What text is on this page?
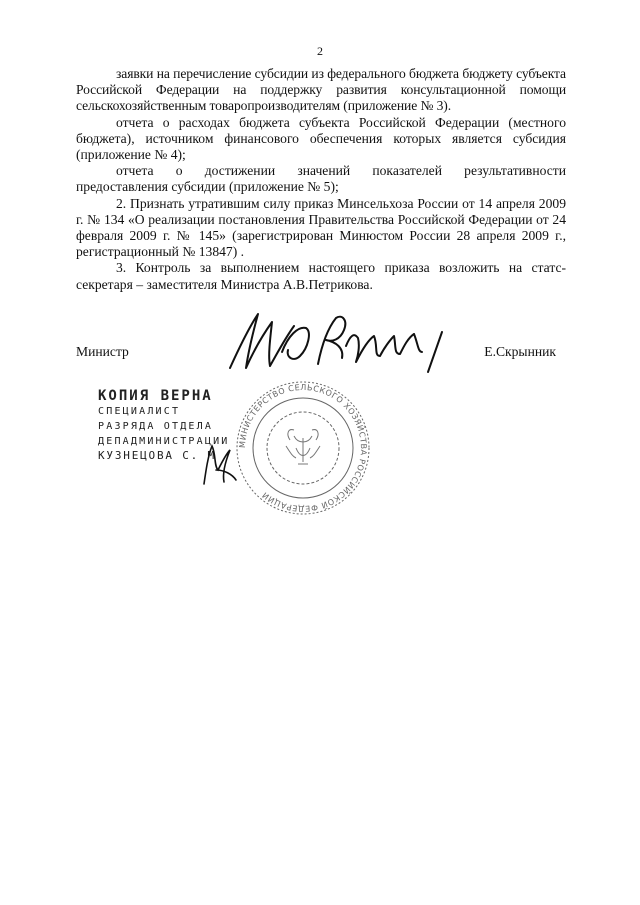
2

заявки на перечисление субсидии из федерального бюджета бюджету субъекта Российской Федерации на поддержку развития консультационной помощи сельскохозяйственным товаропроизводителям (приложение № 3).

отчета о расходах бюджета субъекта Российской Федерации (местного бюджета), источником финансового обеспечения которых является субсидия (приложение № 4);

отчета о достижении значений показателей результативности предоставления субсидии (приложение № 5);

2. Признать утратившим силу приказ Минсельхоза России от 14 апреля 2009 г. № 134 «О реализации постановления Правительства Российской Федерации от 24 февраля 2009 г. № 145» (зарегистрирован Минюстом России 28 апреля 2009 г., регистрационный № 13847) .

3. Контроль за выполнением настоящего приказа возложить на статс-секретаря – заместителя Министра А.В.Петрикова.

Министр	Е.Скрынник
КОПИЯ ВЕРНА
СПЕЦИАЛИСТ
РАЗРЯДА ОТДЕЛА
ДЕПАДМИНИСТРАЦИИ
КУЗНЕЦОВА С. М
МИНИСТЕРСТВО СЕЛЬСКОГО ХОЗЯЙСТВА РОССИЙСКОЙ ФЕДЕРАЦИИ
